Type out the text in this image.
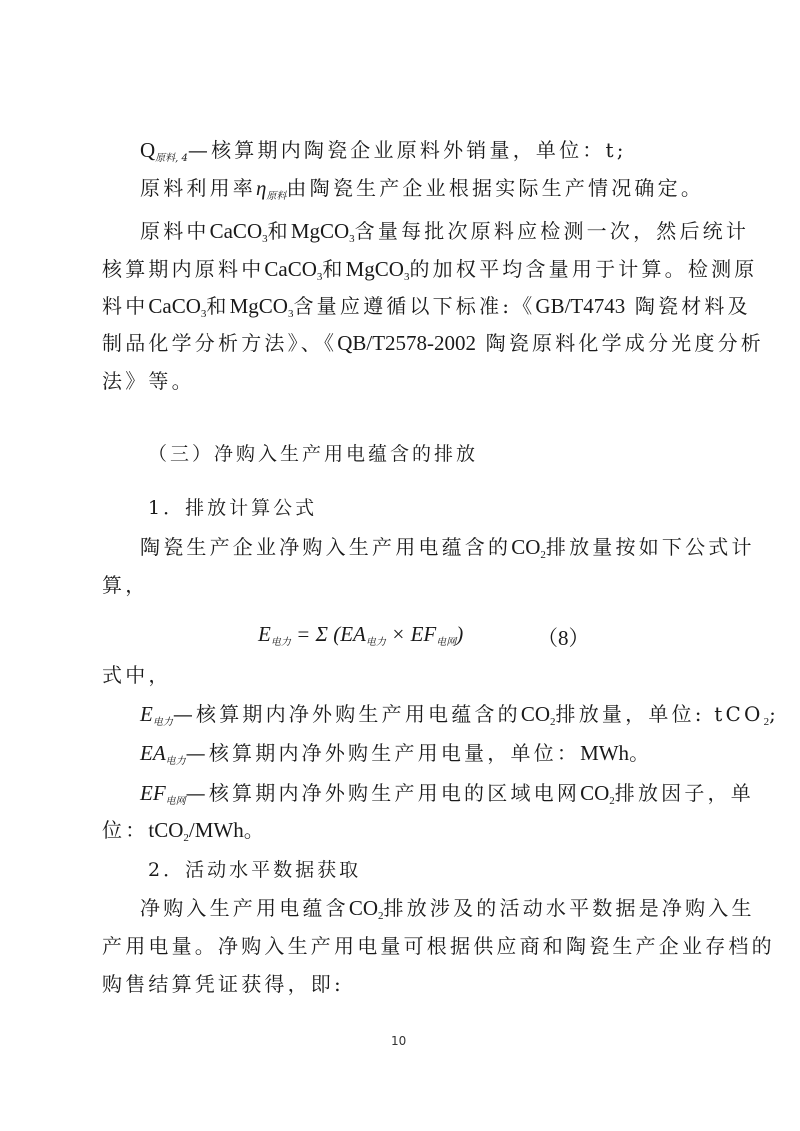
$Q_{原料, 4}—$核算期内陶瓷企业原料外销量，单位：t;
原料利用率$\eta_{原料}$由陶瓷生产企业根据实际生产情况确定。
原料中CaCO$_3$和MgCO$_3$含量每批次原料应检测一次，然后统计
核算期内原料中CaCO$_3$和MgCO$_3$的加权平均含量用于计算。检测原
料中CaCO$_3$和MgCO$_3$含量应遵循以下标准:《GB/T4743 陶瓷材料及
制品化学分析方法》、《QB/T2578-2002 陶瓷原料化学成分光度分析
法》等。
（三）净购入生产用电蕴含的排放
1．排放计算公式
陶瓷生产企业净购入生产用电蕴含的$CO_2$排放量按如下公式计
算，
E电力 = Σ (EA电力 × EF电网)	（8）
式中，
$E_{电力}—$核算期内净外购生产用电蕴含的$CO_2$排放量，单位: tCO$_2$;
$EA_{电力}—$核算期内净外购生产用电量，单位：MWh。
$EF_{电网}—$核算期内净外购生产用电的区域电网$CO_2$排放因子，单
位：tCO$_2$/MWh。
2．活动水平数据获取
净购入生产用电蕴含$CO_2$排放涉及的活动水平数据是净购入生
产用电量。净购入生产用电量可根据供应商和陶瓷生产企业存档的
购售结算凭证获得，即:
10
